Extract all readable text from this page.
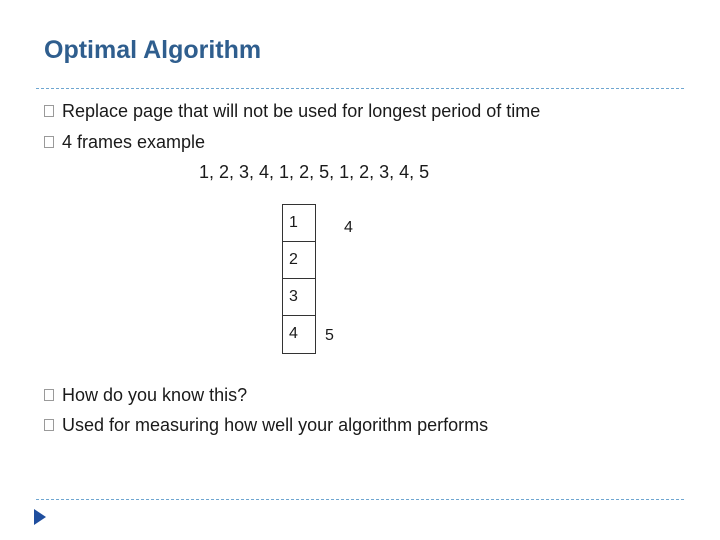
Optimal Algorithm
Replace page that will not be used for longest period of time
4 frames example
1, 2, 3, 4, 1, 2, 5, 1, 2, 3, 4, 5
1
2
3
4
4
5
How do you know this?
Used for measuring how well your algorithm performs
